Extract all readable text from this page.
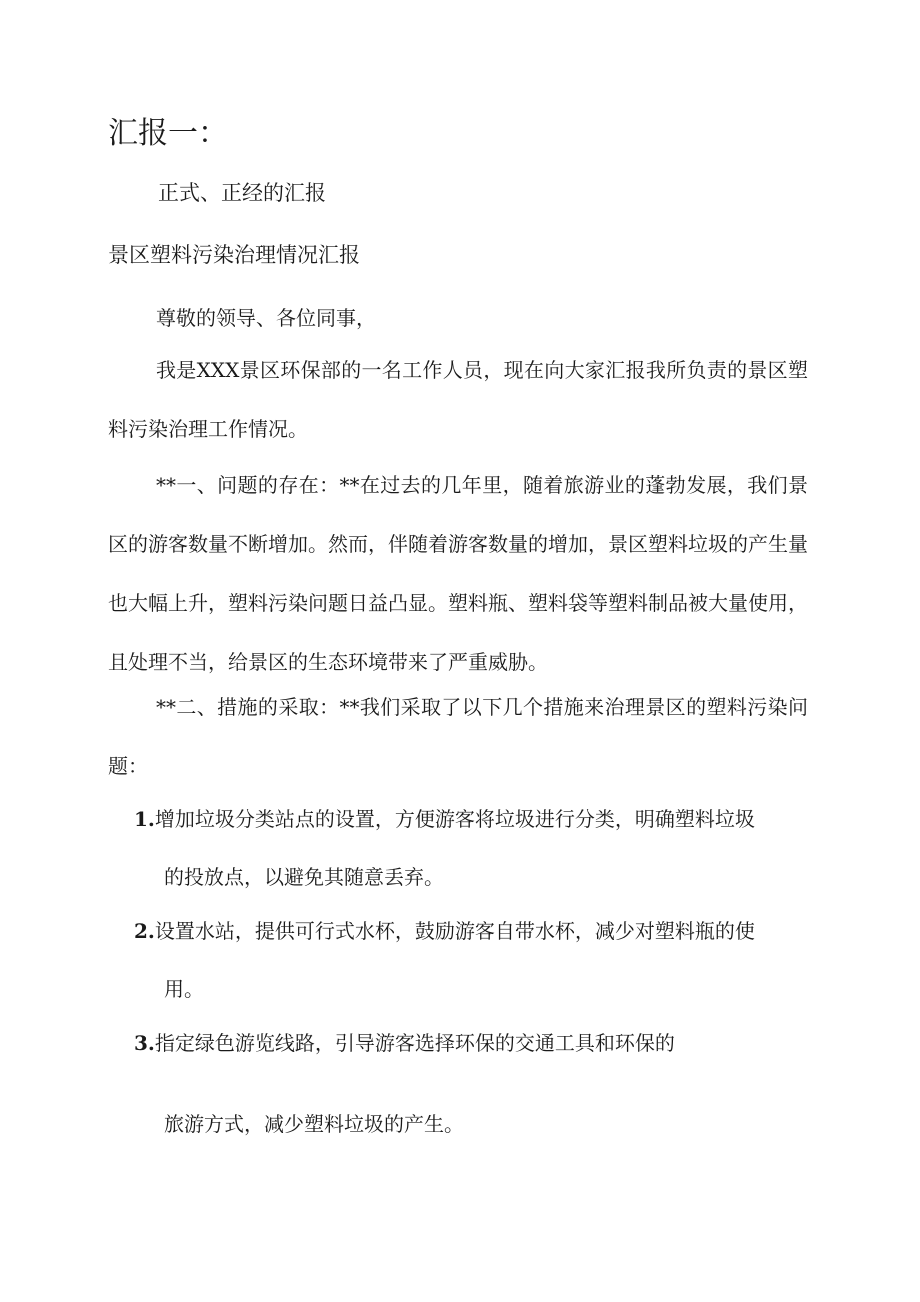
汇报一：

正式、正经的汇报

景区塑料污染治理情况汇报

尊敬的领导、各位同事，

我是XXX景区环保部的一名工作人员，现在向大家汇报我所负责的景区塑料污染治理工作情况。

**一、问题的存在：**在过去的几年里，随着旅游业的蓬勃发展，我们景区的游客数量不断增加。然而，伴随着游客数量的增加，景区塑料垃圾的产生量也大幅上升，塑料污染问题日益凸显。塑料瓶、塑料袋等塑料制品被大量使用，且处理不当，给景区的生态环境带来了严重威胁。

**二、措施的采取：**我们采取了以下几个措施来治理景区的塑料污染问题：

1.增加垃圾分类站点的设置，方便游客将垃圾进行分类，明确塑料垃圾
的投放点，以避免其随意丢弃。
2.设置水站，提供可行式水杯，鼓励游客自带水杯，减少对塑料瓶的使
用。
3.指定绿色游览线路，引导游客选择环保的交通工具和环保的
旅游方式，减少塑料垃圾的产生。
